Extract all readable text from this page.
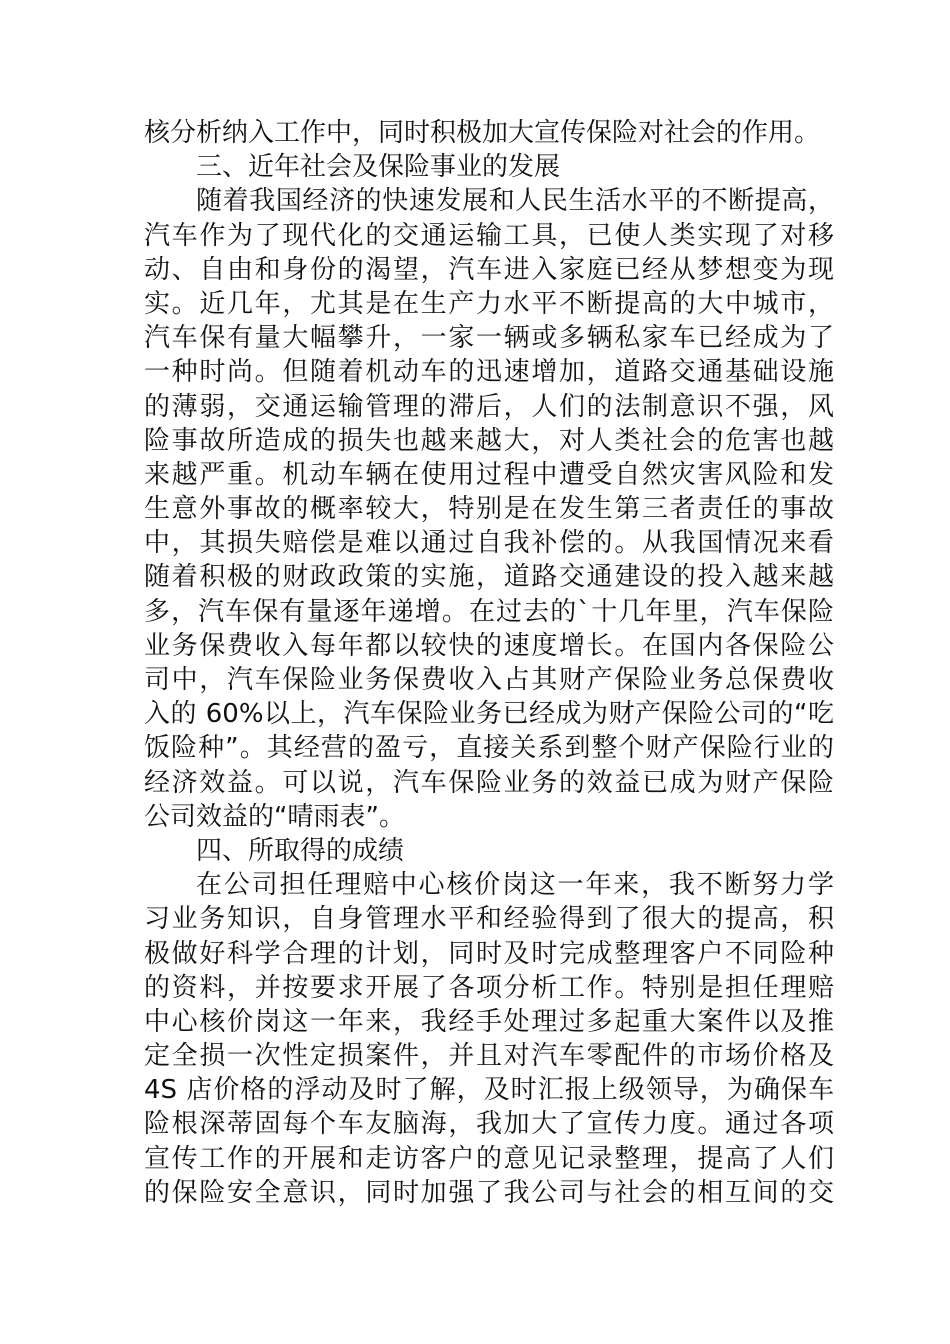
核分析纳入工作中，同时积极加大宣传保险对社会的作用。
三、近年社会及保险事业的发展
随着我国经济的快速发展和人民生活水平的不断提高，
汽车作为了现代化的交通运输工具，已使人类实现了对移
动、自由和身份的渴望，汽车进入家庭已经从梦想变为现
实。近几年，尤其是在生产力水平不断提高的大中城市，
汽车保有量大幅攀升，一家一辆或多辆私家车已经成为了
一种时尚。但随着机动车的迅速增加，道路交通基础设施
的薄弱，交通运输管理的滞后，人们的法制意识不强，风
险事故所造成的损失也越来越大，对人类社会的危害也越
来越严重。机动车辆在使用过程中遭受自然灾害风险和发
生意外事故的概率较大，特别是在发生第三者责任的事故
中，其损失赔偿是难以通过自我补偿的。从我国情况来看
随着积极的财政政策的实施，道路交通建设的投入越来越
多，汽车保有量逐年递增。在过去的`十几年里，汽车保险
业务保费收入每年都以较快的速度增长。在国内各保险公
司中，汽车保险业务保费收入占其财产保险业务总保费收
入的 60%以上，汽车保险业务已经成为财产保险公司的“吃
饭险种”。其经营的盈亏，直接关系到整个财产保险行业的
经济效益。可以说，汽车保险业务的效益已成为财产保险
公司效益的“晴雨表”。
四、所取得的成绩
在公司担任理赔中心核价岗这一年来，我不断努力学
习业务知识，自身管理水平和经验得到了很大的提高，积
极做好科学合理的计划，同时及时完成整理客户不同险种
的资料，并按要求开展了各项分析工作。特别是担任理赔
中心核价岗这一年来，我经手处理过多起重大案件以及推
定全损一次性定损案件，并且对汽车零配件的市场价格及
4S 店价格的浮动及时了解，及时汇报上级领导，为确保车
险根深蒂固每个车友脑海，我加大了宣传力度。通过各项
宣传工作的开展和走访客户的意见记录整理，提高了人们
的保险安全意识，同时加强了我公司与社会的相互间的交
